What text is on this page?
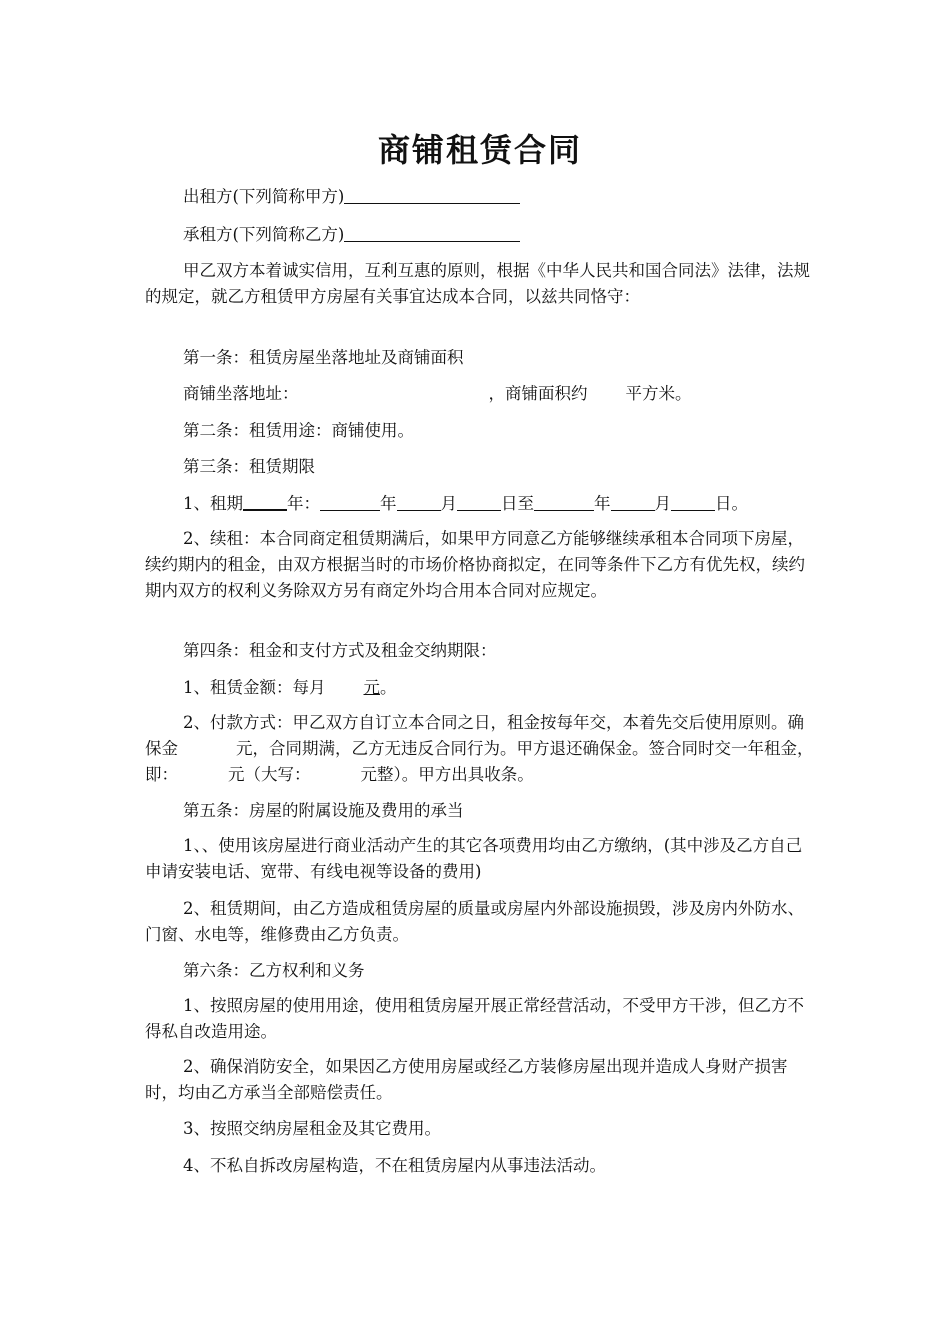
商铺租赁合同
出租方(下列简称甲方)
承租方(下列简称乙方)
甲乙双方本着诚实信用，互利互惠的原则，根据《中华人民共和国合同法》法律，法规的规定，就乙方租赁甲方房屋有关事宜达成本合同，以兹共同恪守：
第一条：租赁房屋坐落地址及商铺面积
商铺坐落地址：	，商铺面积约 平方米。
第二条：租赁用途：商铺使用。
第三条：租赁期限
1、租期	年：	年	月	日至	年	月	日。
2、续租：本合同商定租赁期满后，如果甲方同意乙方能够继续承租本合同项下房屋，续约期内的租金，由双方根据当时的市场价格协商拟定，在同等条件下乙方有优先权，续约期内双方的权利义务除双方另有商定外均合用本合同对应规定。
第四条：租金和支付方式及租金交纳期限：
1、租赁金额：每月 元。
2、付款方式：甲乙双方自订立本合同之日，租金按每年交，本着先交后使用原则。确保金	元，合同期满，乙方无违反合同行为。甲方退还确保金。签合同时交一年租金，即：	元（大写：	元整）。甲方出具收条。
第五条：房屋的附属设施及费用的承当
1、、使用该房屋进行商业活动产生的其它各项费用均由乙方缴纳，(其中涉及乙方自己申请安装电话、宽带、有线电视等设备的费用)
2、租赁期间，由乙方造成租赁房屋的质量或房屋内外部设施损毁，涉及房内外防水、门窗、水电等，维修费由乙方负责。
第六条：乙方权利和义务
1、按照房屋的使用用途，使用租赁房屋开展正常经营活动，不受甲方干涉，但乙方不得私自改造用途。
2、确保消防安全，如果因乙方使用房屋或经乙方装修房屋出现并造成人身财产损害时，均由乙方承当全部赔偿责任。
3、按照交纳房屋租金及其它费用。
4、不私自拆改房屋构造，不在租赁房屋内从事违法活动。
